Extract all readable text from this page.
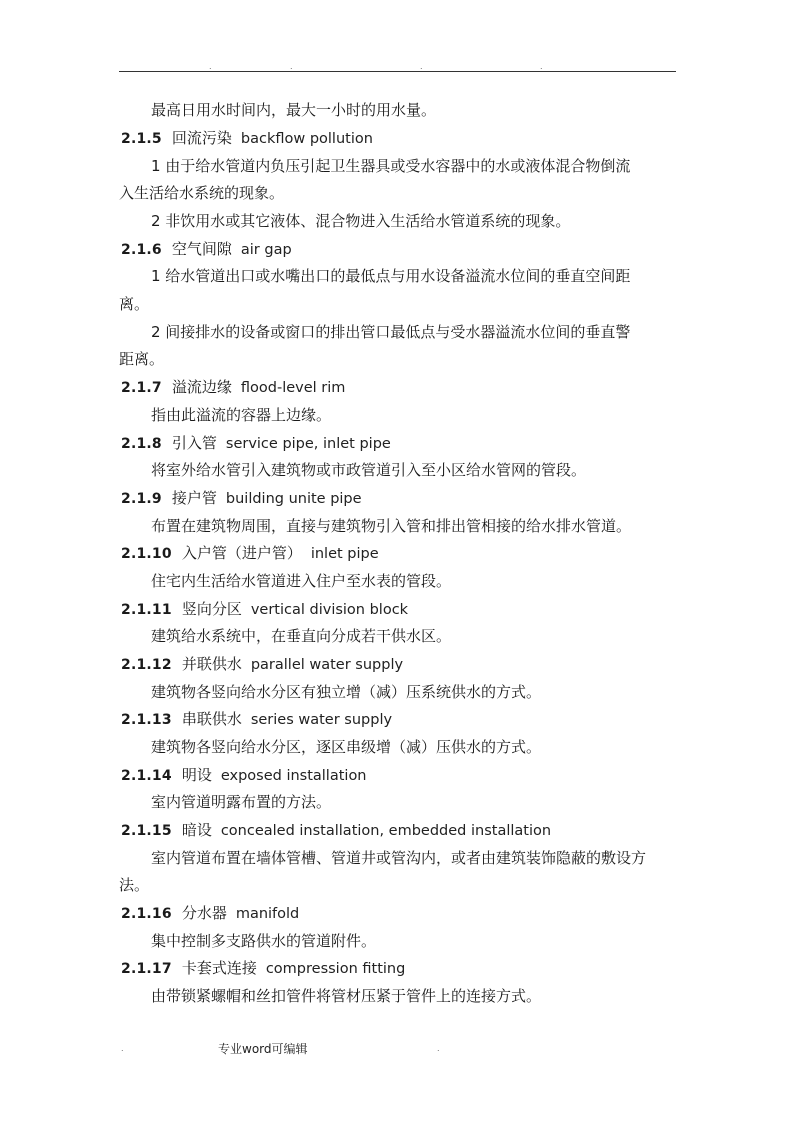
.	.	.	.
最高日用水时间内，最大一小时的用水量。
2.1.5 回流污染 backflow pollution
1 由于给水管道内负压引起卫生器具或受水容器中的水或液体混合物倒流
入生活给水系统的现象。
2 非饮用水或其它液体、混合物进入生活给水管道系统的现象。
2.1.6 空气间隙 air gap
1 给水管道出口或水嘴出口的最低点与用水设备溢流水位间的垂直空间距
离。
2 间接排水的设备或窗口的排出管口最低点与受水器溢流水位间的垂直警
距离。
2.1.7 溢流边缘 flood-level rim
指由此溢流的容器上边缘。
2.1.8 引入管 service pipe, inlet pipe
将室外给水管引入建筑物或市政管道引入至小区给水管网的管段。
2.1.9 接户管 building unite pipe
布置在建筑物周围，直接与建筑物引入管和排出管相接的给水排水管道。
2.1.10 入户管（进户管） inlet pipe
住宅内生活给水管道进入住户至水表的管段。
2.1.11 竖向分区 vertical division block
建筑给水系统中，在垂直向分成若干供水区。
2.1.12 并联供水 parallel water supply
建筑物各竖向给水分区有独立增（减）压系统供水的方式。
2.1.13 串联供水 series water supply
建筑物各竖向给水分区，逐区串级增（减）压供水的方式。
2.1.14 明设 exposed installation
室内管道明露布置的方法。
2.1.15 暗设 concealed installation, embedded installation
室内管道布置在墙体管槽、管道井或管沟内，或者由建筑装饰隐蔽的敷设方
法。
2.1.16 分水器 manifold
集中控制多支路供水的管道附件。
2.1.17 卡套式连接 compression fitting
由带锁紧螺帽和丝扣管件将管材压紧于管件上的连接方式。
.	专业word可编辑	.
